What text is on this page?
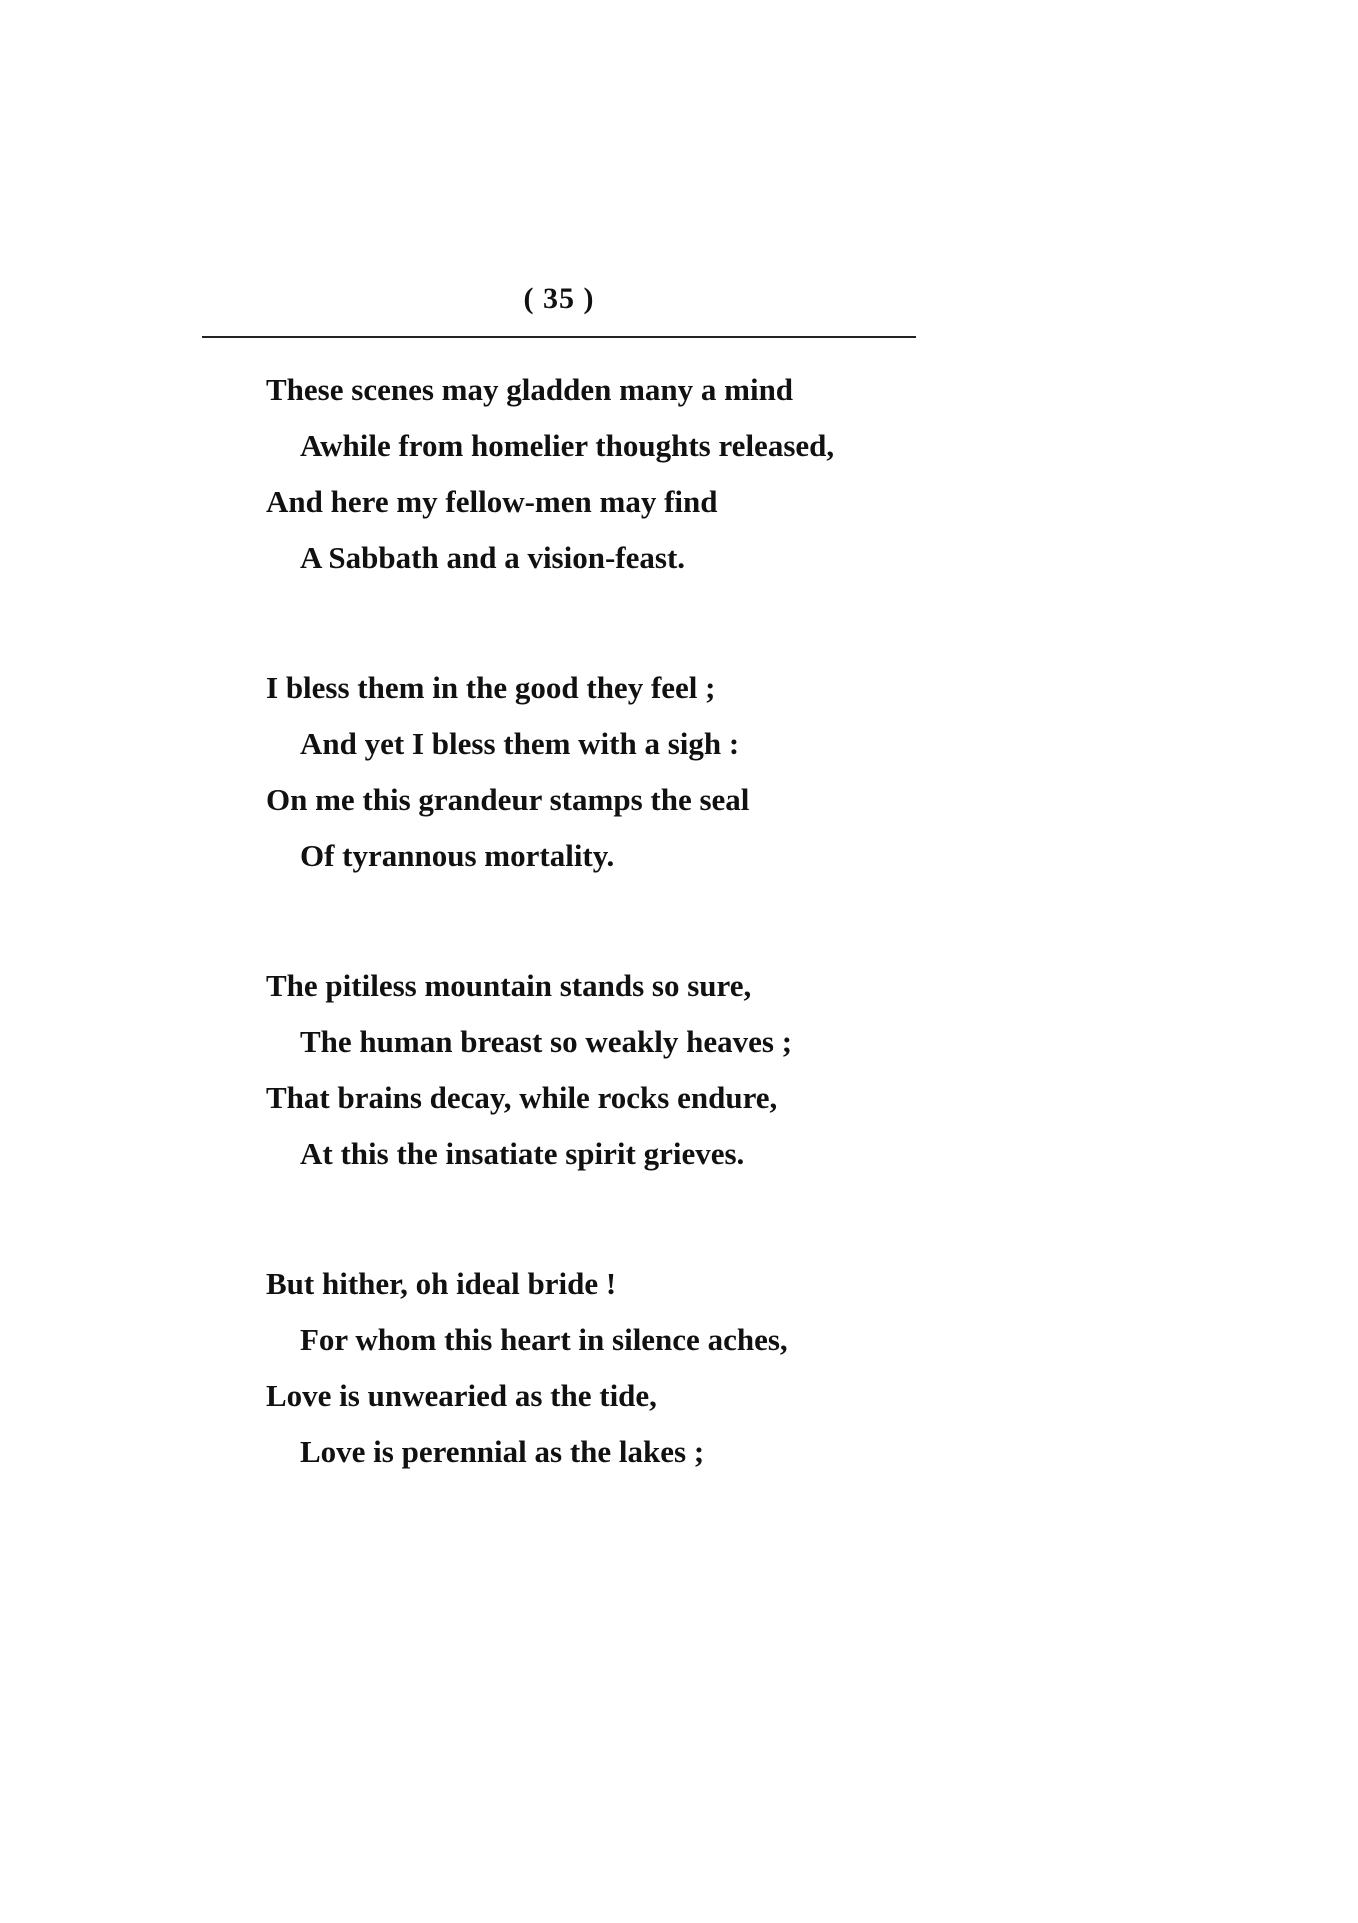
( 35 )
These scenes may gladden many a mind
Awhile from homelier thoughts released,
And here my fellow-men may find
A Sabbath and a vision-feast.
I bless them in the good they feel ;
And yet I bless them with a sigh :
On me this grandeur stamps the seal
Of tyrannous mortality.
The pitiless mountain stands so sure,
The human breast so weakly heaves ;
That brains decay, while rocks endure,
At this the insatiate spirit grieves.
But hither, oh ideal bride !
For whom this heart in silence aches,
Love is unwearied as the tide,
Love is perennial as the lakes ;
